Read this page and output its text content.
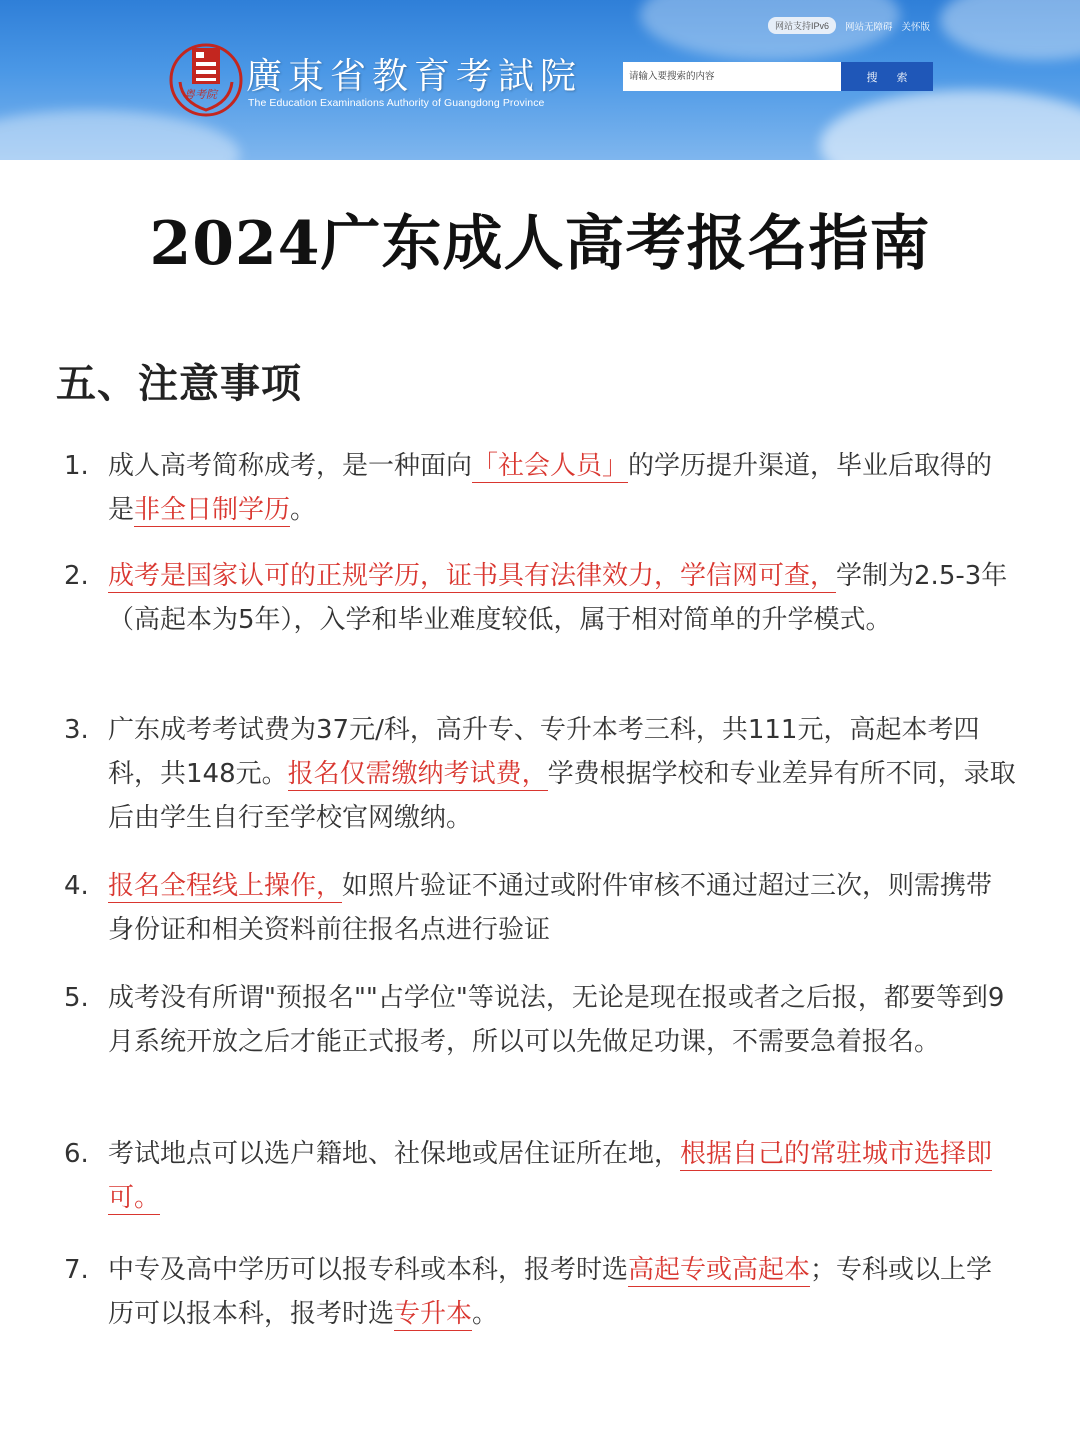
粤考院 廣東省教育考試院
The Education Examinations Authority of Guangdong Province
网站支持IPv6	网站无障碍 关怀版
请输入要搜索的内容
搜 索
2024广东成人高考报名指南
五、注意事项
1. 成人高考简称成考，是一种面向「社会人员」的学历提升渠道，毕业后取得的是非全日制学历。
2. 成考是国家认可的正规学历，证书具有法律效力，学信网可查，学制为2.5-3年（高起本为5年），入学和毕业难度较低，属于相对简单的升学模式。
3. 广东成考考试费为37元/科，高升专、专升本考三科，共111元，高起本考四科，共148元。报名仅需缴纳考试费，学费根据学校和专业差异有所不同，录取后由学生自行至学校官网缴纳。
4. 报名全程线上操作，如照片验证不通过或附件审核不通过超过三次，则需携带身份证和相关资料前往报名点进行验证
5. 成考没有所谓"预报名""占学位"等说法，无论是现在报或者之后报，都要等到9月系统开放之后才能正式报考，所以可以先做足功课，不需要急着报名。
6. 考试地点可以选户籍地、社保地或居住证所在地，根据自己的常驻城市选择即可。
7. 中专及高中学历可以报专科或本科，报考时选高起专或高起本；专科或以上学历可以报本科，报考时选专升本。
